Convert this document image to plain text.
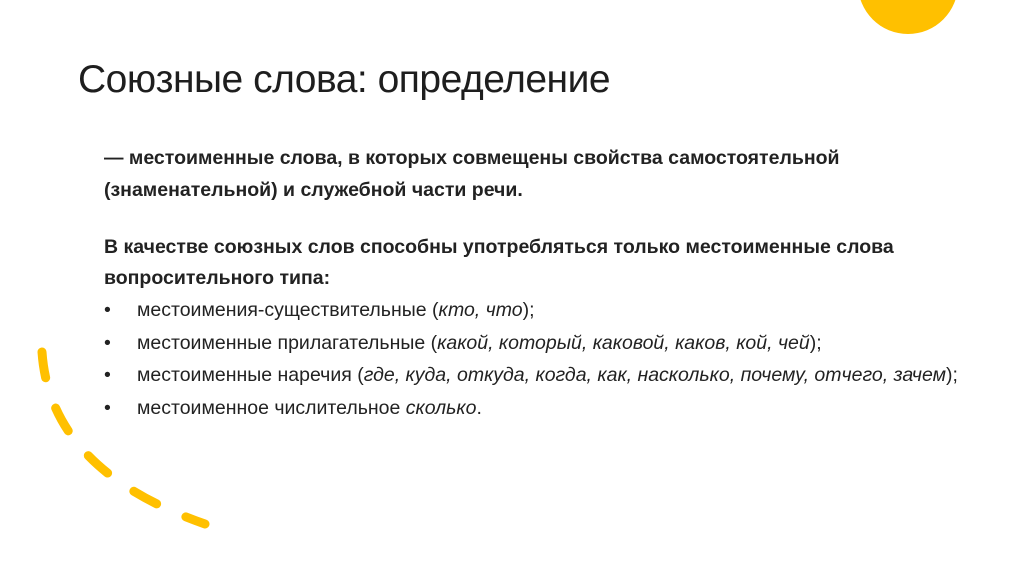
Союзные слова: определение
— местоименные слова, в которых совмещены свойства самостоятельной (знаменательной) и служебной части речи.
В качестве союзных слов способны употребляться только местоименные слова вопросительного типа:
• местоимения-существительные (кто, что);
• местоименные прилагательные (какой, который, каковой, каков, кой, чей);
• местоименные наречия (где, куда, откуда, когда, как, насколько, почему, отчего, зачем);
• местоименное числительное сколько.
